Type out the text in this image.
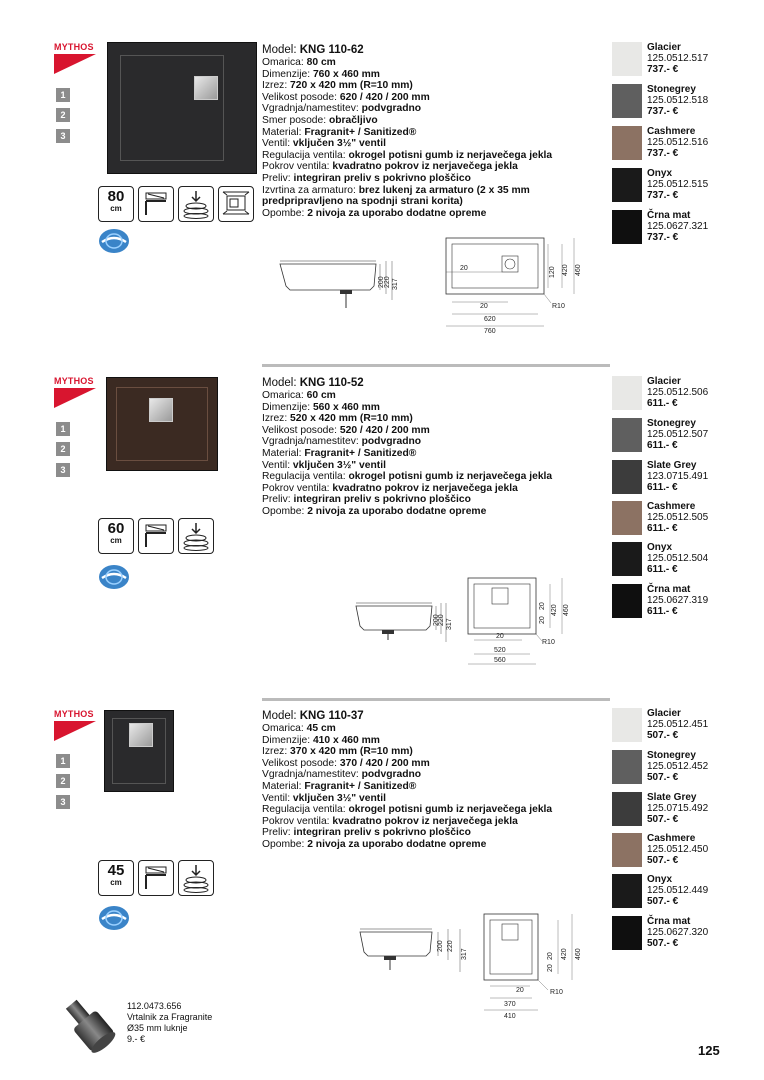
MYTHOS
1
2
3
Model: KNG 110-62
Omarica: 80 cm
Dimenzije: 760 x 460 mm
Izrez: 720 x 420 mm (R=10 mm)
Velikost posode: 620 / 420 / 200 mm
Vgradnja/namestitev: podvgradno
Smer posode: obračljivo
Material: Fragranit+ / Sanitized®
Ventil: vključen 3½" ventil
Regulacija ventila: okrogel potisni gumb iz nerjavečega jekla
Pokrov ventila: kvadratno pokrov iz nerjavečega jekla
Preliv: integriran preliv s pokrivno ploščico
Izvrtina za armaturo: brez lukenj za armaturo (2 x 35 mm
predpripravljeno na spodnji strani korita)
Opombe: 2 nivoja za uporabo dodatne opreme
80
cm
200 220 317
20	120 420 460
20	R10
620
760
Glacier
125.0512.517
737.- €
Stonegrey
125.0512.518
737.- €
Cashmere
125.0512.516
737.- €
Onyx
125.0512.515
737.- €
Črna mat
125.0627.321
737.- €
MYTHOS
1
2
3
Model: KNG 110-52
Omarica: 60 cm
Dimenzije: 560 x 460 mm
Izrez: 520 x 420 mm (R=10 mm)
Velikost posode: 520 / 420 / 200 mm
Vgradnja/namestitev: podvgradno
Material: Fragranit+ / Sanitized®
Ventil: vključen 3½" ventil
Regulacija ventila: okrogel potisni gumb iz nerjavečega jekla
Pokrov ventila: kvadratno pokrov iz nerjavečega jekla
Preliv: integriran preliv s pokrivno ploščico
Opombe: 2 nivoja za uporabo dodatne opreme
60
cm
200
220 317
20
20
420 460
20
R10
520
560
Glacier
125.0512.506
611.- €
Stonegrey
125.0512.507
611.- €
Slate Grey
123.0715.491
611.- €
Cashmere
125.0512.505
611.- €
Onyx
125.0512.504
611.- €
Črna mat
125.0627.319
611.- €
MYTHOS
1
2
3
Model: KNG 110-37
Omarica: 45 cm
Dimenzije: 410 x 460 mm
Izrez: 370 x 420 mm (R=10 mm)
Velikost posode: 370 / 420 / 200 mm
Vgradnja/namestitev: podvgradno
Material: Fragranit+ / Sanitized®
Ventil: vključen 3½" ventil
Regulacija ventila: okrogel potisni gumb iz nerjavečega jekla
Pokrov ventila: kvadratno pokrov iz nerjavečega jekla
Preliv: integriran preliv s pokrivno ploščico
Opombe: 2 nivoja za uporabo dodatne opreme
45
cm
200 220
317	20
20
420 460
20	R10
370
410
Glacier
125.0512.451
507.- €
Stonegrey
125.0512.452
507.- €
Slate Grey
125.0715.492
507.- €
Cashmere
125.0512.450
507.- €
Onyx
125.0512.449
507.- €
Črna mat
125.0627.320
507.- €
112.0473.656
Vrtalnik za Fragranite
Ø35 mm luknje
9.- €
125
